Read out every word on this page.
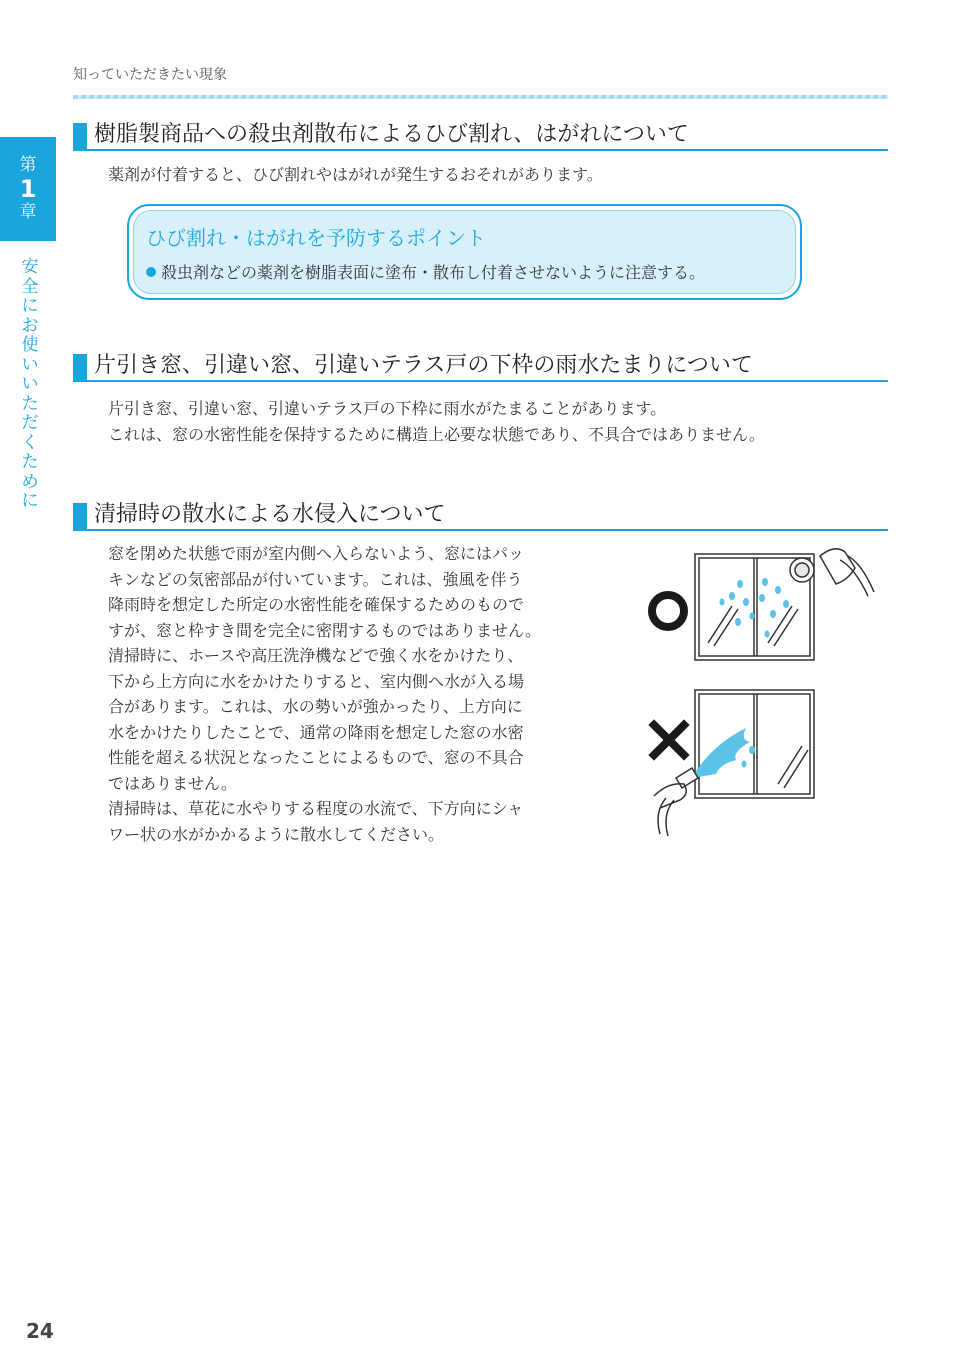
知っていただきたい現象
第
1
章
安全にお使いいただくために
樹脂製商品への殺虫剤散布によるひび割れ、はがれについて

薬剤が付着すると、ひび割れやはがれが発生するおそれがあります。

ひび割れ・はがれを予防するポイント
殺虫剤などの薬剤を樹脂表面に塗布・散布し付着させないように注意する。
片引き窓、引違い窓、引違いテラス戸の下枠の雨水たまりについて
片引き窓、引違い窓、引違いテラス戸の下枠に雨水がたまることがあります。
これは、窓の水密性能を保持するために構造上必要な状態であり、不具合ではありません。
清掃時の散水による水侵入について
窓を閉めた状態で雨が室内側へ入らないよう、窓にはパッ
キンなどの気密部品が付いています。これは、強風を伴う
降雨時を想定した所定の水密性能を確保するためのもので
すが、窓と枠すき間を完全に密閉するものではありません。
清掃時に、ホースや高圧洗浄機などで強く水をかけたり、
下から上方向に水をかけたりすると、室内側へ水が入る場
合があります。これは、水の勢いが強かったり、上方向に
水をかけたりしたことで、通常の降雨を想定した窓の水密
性能を超える状況となったことによるもので、窓の不具合
ではありません。
清掃時は、草花に水やりする程度の水流で、下方向にシャ
ワー状の水がかかるように散水してください。
24
